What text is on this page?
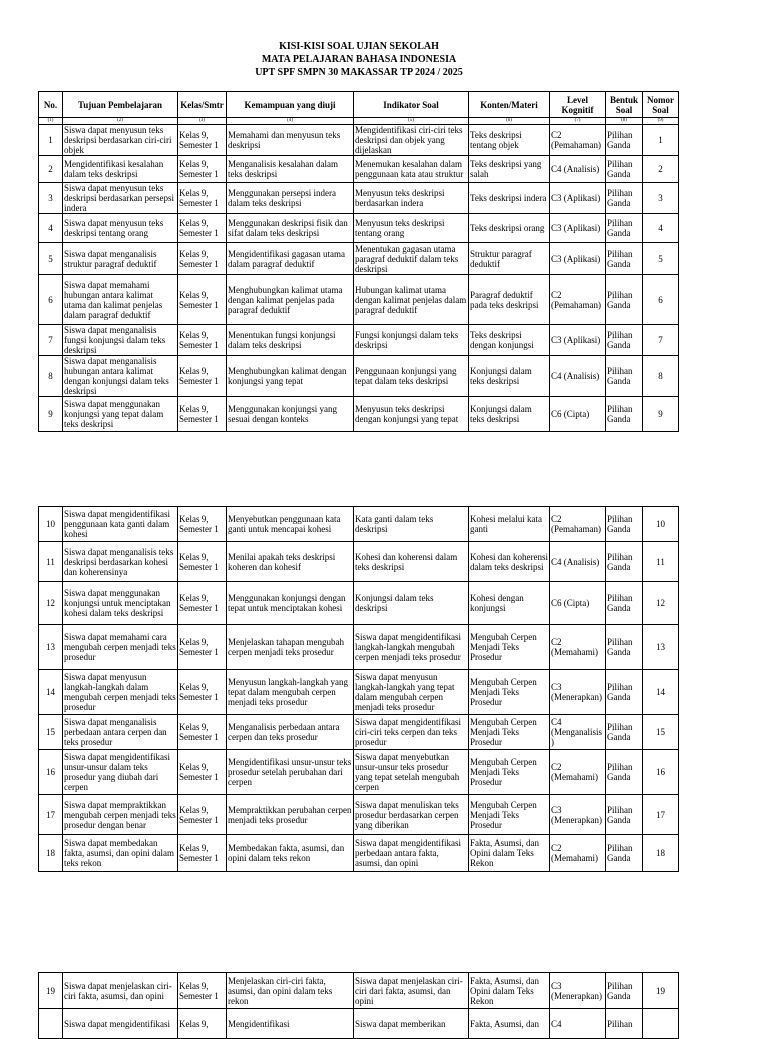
KISI-KISI SOAL UJIAN SEKOLAH
MATA PELAJARAN BAHASA INDONESIA
UPT SPF SMPN 30 MAKASSAR TP 2024 / 2025
No.	Tujuan Pembelajaran	Kelas/Smtr	Kemampuan yang diuji	Indikator Soal	Konten/Materi	Level Kognitif	Bentuk Soal	Nomor Soal
(1)	(2)	(3)	(4)	(5)	(6)	(7)	(8)	(9)
1	Siswa dapat menyusun teks deskripsi berdasarkan ciri-ciri objek	Kelas 9, Semester 1	Memahami dan menyusun teks deskripsi	Mengidentifikasi ciri-ciri teks deskripsi dan objek yang dijelaskan	Teks deskripsi tentang objek	C2 (Pemahaman)	Pilihan Ganda	1
2	Mengidentifikasi kesalahan dalam teks deskripsi	Kelas 9, Semester 1	Menganalisis kesalahan dalam teks deskripsi	Menemukan kesalahan dalam penggunaan kata atau struktur	Teks deskripsi yang salah	C4 (Analisis)	Pilihan Ganda	2
3	Siswa dapat menyusun teks deskripsi berdasarkan persepsi indera	Kelas 9, Semester 1	Menggunakan persepsi indera dalam teks deskripsi	Menyusun teks deskripsi berdasarkan indera	Teks deskripsi indera	C3 (Aplikasi)	Pilihan Ganda	3
4	Siswa dapat menyusun teks deskripsi tentang orang	Kelas 9, Semester 1	Menggunakan deskripsi fisik dan sifat dalam teks deskripsi	Menyusun teks deskripsi tentang orang	Teks deskripsi orang	C3 (Aplikasi)	Pilihan Ganda	4
5	Siswa dapat menganalisis struktur paragraf deduktif	Kelas 9, Semester 1	Mengidentifikasi gagasan utama dalam paragraf deduktif	Menentukan gagasan utama paragraf deduktif dalam teks deskripsi	Struktur paragraf deduktif	C3 (Aplikasi)	Pilihan Ganda	5
6	Siswa dapat memahami hubungan antara kalimat utama dan kalimat penjelas dalam paragraf deduktif	Kelas 9, Semester 1	Menghubungkan kalimat utama dengan kalimat penjelas pada paragraf deduktif	Hubungan kalimat utama dengan kalimat penjelas dalam paragraf deduktif	Paragraf deduktif pada teks deskripsi	C2 (Pemahaman)	Pilihan Ganda	6
7	Siswa dapat menganalisis fungsi konjungsi dalam teks deskripsi	Kelas 9, Semester 1	Menentukan fungsi konjungsi dalam teks deskripsi	Fungsi konjungsi dalam teks deskripsi	Teks deskripsi dengan konjungsi	C3 (Aplikasi)	Pilihan Ganda	7
8	Siswa dapat menganalisis hubungan antara kalimat dengan konjungsi dalam teks deskripsi	Kelas 9, Semester 1	Menghubungkan kalimat dengan konjungsi yang tepat	Penggunaan konjungsi yang tepat dalam teks deskripsi	Konjungsi dalam teks deskripsi	C4 (Analisis)	Pilihan Ganda	8
9	Siswa dapat menggunakan konjungsi yang tepat dalam teks deskripsi	Kelas 9, Semester 1	Menggunakan konjungsi yang sesuai dengan konteks	Menyusun teks deskripsi dengan konjungsi yang tepat	Konjungsi dalam teks deskripsi	C6 (Cipta)	Pilihan Ganda	9
10	Siswa dapat mengidentifikasi penggunaan kata ganti dalam kohesi	Kelas 9, Semester 1	Menyebutkan penggunaan kata ganti untuk mencapai kohesi	Kata ganti dalam teks deskripsi	Kohesi melalui kata ganti	C2 (Pemahaman)	Pilihan Ganda	10
11	Siswa dapat menganalisis teks deskripsi berdasarkan kohesi dan koherensinya	Kelas 9, Semester 1	Menilai apakah teks deskripsi koheren dan kohesif	Kohesi dan koherensi dalam teks deskripsi	Kohesi dan koherensi dalam teks deskripsi	C4 (Analisis)	Pilihan Ganda	11
12	Siswa dapat menggunakan konjungsi untuk menciptakan kohesi dalam teks deskripsi	Kelas 9, Semester 1	Menggunakan konjungsi dengan tepat untuk menciptakan kohesi	Konjungsi dalam teks deskripsi	Kohesi dengan konjungsi	C6 (Cipta)	Pilihan Ganda	12
13	Siswa dapat memahami cara mengubah cerpen menjadi teks prosedur	Kelas 9, Semester 1	Menjelaskan tahapan mengubah cerpen menjadi teks prosedur	Siswa dapat mengidentifikasi langkah-langkah mengubah cerpen menjadi teks prosedur	Mengubah Cerpen Menjadi Teks Prosedur	C2 (Memahami)	Pilihan Ganda	13
14	Siswa dapat menyusun langkah-langkah dalam mengubah cerpen menjadi teks prosedur	Kelas 9, Semester 1	Menyusun langkah-langkah yang tepat dalam mengubah cerpen menjadi teks prosedur	Siswa dapat menyusun langkah-langkah yang tepat dalam mengubah cerpen menjadi teks prosedur	Mengubah Cerpen Menjadi Teks Prosedur	C3 (Menerapkan)	Pilihan Ganda	14
15	Siswa dapat menganalisis perbedaan antara cerpen dan teks prosedur	Kelas 9, Semester 1	Menganalisis perbedaan antara cerpen dan teks prosedur	Siswa dapat mengidentifikasi ciri-ciri teks cerpen dan teks prosedur	Mengubah Cerpen Menjadi Teks Prosedur	C4 (Menganalisis)	Pilihan Ganda	15
16	Siswa dapat mengidentifikasi unsur-unsur dalam teks prosedur yang diubah dari cerpen	Kelas 9, Semester 1	Mengidentifikasi unsur-unsur teks prosedur setelah perubahan dari cerpen	Siswa dapat menyebutkan unsur-unsur teks prosedur yang tepat setelah mengubah cerpen	Mengubah Cerpen Menjadi Teks Prosedur	C2 (Memahami)	Pilihan Ganda	16
17	Siswa dapat mempraktikkan mengubah cerpen menjadi teks prosedur dengan benar	Kelas 9, Semester 1	Mempraktikkan perubahan cerpen menjadi teks prosedur	Siswa dapat menuliskan teks prosedur berdasarkan cerpen yang diberikan	Mengubah Cerpen Menjadi Teks Prosedur	C3 (Menerapkan)	Pilihan Ganda	17
18	Siswa dapat membedakan fakta, asumsi, dan opini dalam teks rekon	Kelas 9, Semester 1	Membedakan fakta, asumsi, dan opini dalam teks rekon	Siswa dapat mengidentifikasi perbedaan antara fakta, asumsi, dan opini	Fakta, Asumsi, dan Opini dalam Teks Rekon	C2 (Memahami)	Pilihan Ganda	18
19	Siswa dapat menjelaskan ciri-ciri fakta, asumsi, dan opini	Kelas 9, Semester 1	Menjelaskan ciri-ciri fakta, asumsi, dan opini dalam teks rekon	Siswa dapat menjelaskan ciri-ciri dari fakta, asumsi, dan opini	Fakta, Asumsi, dan Opini dalam Teks Rekon	C3 (Menerapkan)	Pilihan Ganda	19
	Siswa dapat mengidentifikasi	Kelas 9,	Mengidentifikasi	Siswa dapat memberikan	Fakta, Asumsi, dan	C4	Pilihan	
